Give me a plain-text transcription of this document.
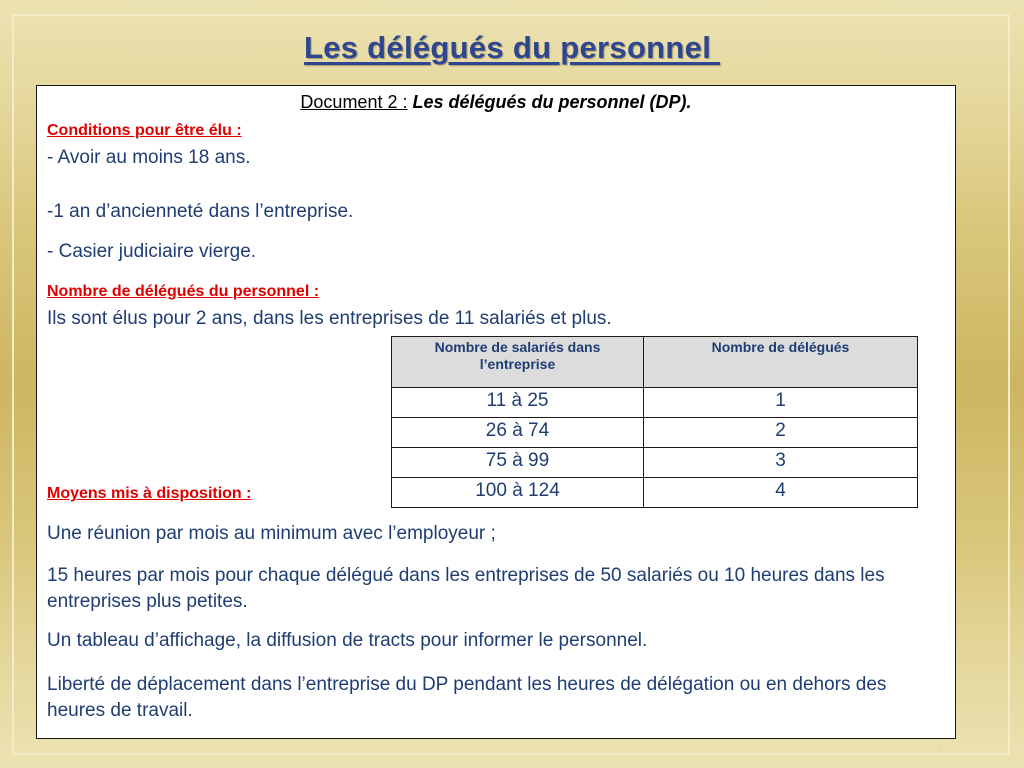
Les délégués du personnel
Document 2 : Les délégués du personnel (DP).
Conditions pour être élu :
- Avoir au moins 18 ans.
-1 an d’ancienneté dans l’entreprise.
- Casier judiciaire vierge.
Nombre de délégués du personnel :
Ils sont élus pour 2 ans, dans les entreprises de 11 salariés et plus.
Nombre de salariés dans l’entreprise	Nombre de délégués
11 à 25	1
26 à 74	2
75 à 99	3
100 à 124	4
Moyens mis à disposition :
Une réunion par mois au minimum avec l’employeur ;
15 heures par mois pour chaque délégué dans les entreprises de 50 salariés ou 10 heures dans les entreprises plus petites.
Un tableau d’affichage, la diffusion de tracts pour informer le personnel.
Liberté de déplacement dans l’entreprise du DP pendant les heures de délégation ou en dehors des heures de travail.
.
